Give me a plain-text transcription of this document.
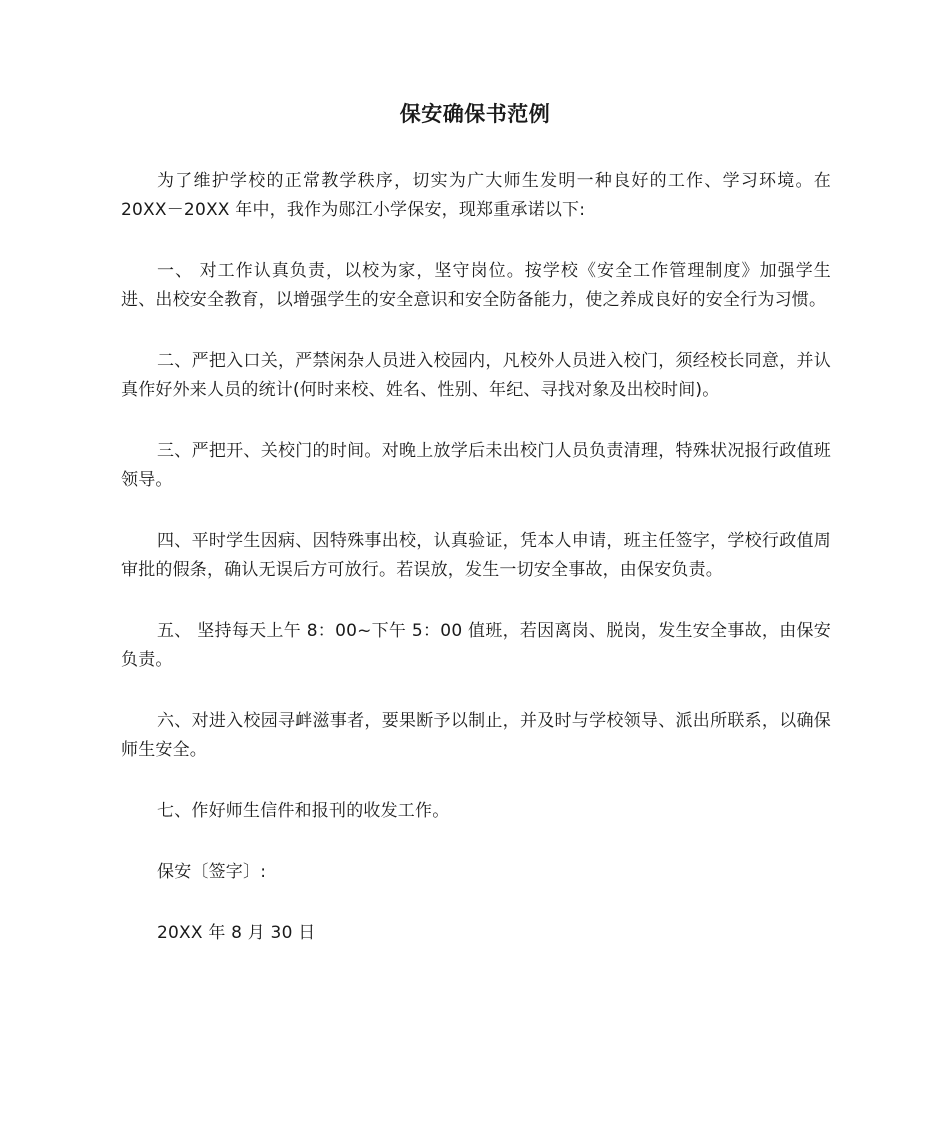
保安确保书范例

为了维护学校的正常教学秩序，切实为广大师生发明一种良好的工作、学习环境。在 20XX－20XX 年中，我作为郧江小学保安，现郑重承诺以下:

一、 对工作认真负责，以校为家，坚守岗位。按学校《安全工作管理制度》加强学生进、出校安全教育，以增强学生的安全意识和安全防备能力，使之养成良好的安全行为习惯。

二、严把入口关，严禁闲杂人员进入校园内，凡校外人员进入校门，须经校长同意，并认真作好外来人员的统计(何时来校、姓名、性别、年纪、寻找对象及出校时间)。

三、严把开、关校门的时间。对晚上放学后未出校门人员负责清理，特殊状况报行政值班领导。

四、平时学生因病、因特殊事出校，认真验证，凭本人申请，班主任签字，学校行政值周审批的假条，确认无误后方可放行。若误放，发生一切安全事故，由保安负责。

五、 坚持每天上午 8：00~下午 5：00 值班，若因离岗、脱岗，发生安全事故，由保安负责。

六、对进入校园寻衅滋事者，要果断予以制止，并及时与学校领导、派出所联系，以确保师生安全。

七、作好师生信件和报刊的收发工作。

保安〔签字〕:

20XX 年 8 月 30 日
